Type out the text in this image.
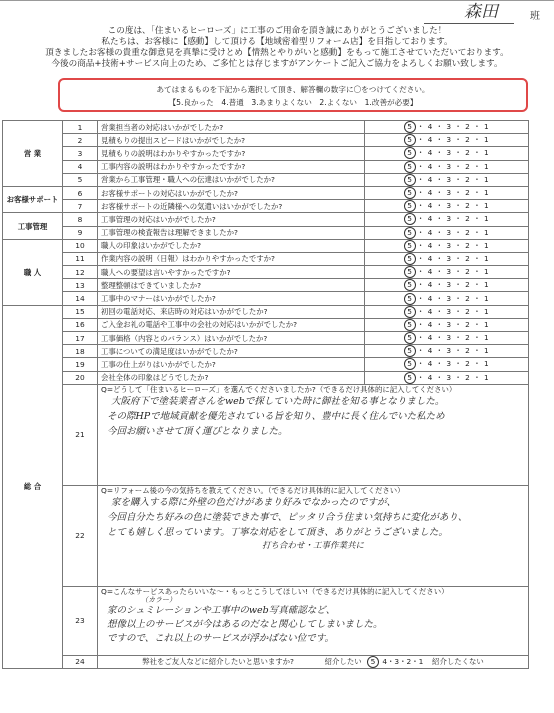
森田	班
この度は、「住まいるヒーローズ」に工事のご用命を頂き誠にありがとうございました！
私たちは、お客様に【感動】して頂ける【地域密着型リフォーム店】を目指しております。
頂きましたお客様の貴重な御意見を真摯に受けとめ【情熱とやりがいと感動】をもって施工させていただいております。
今後の商品+技術+サービス向上のため、ご多忙とは存じますがアンケートご記入ご協力をよろしくお願い致します。
あてはまるものを下記から選択して頂き、解答欄の数字に〇をつけてください。
【5.良かった　4.普通　3.あまりよくない　2.よくない　1.改善が必要】
営 業	1	営業担当者の対応はいかがでしたか?	5 ・ 4 ・ 3 ・ 2 ・ 1
	2	見積もりの提出スピードはいかがでしたか?	5 ・ 4 ・ 3 ・ 2 ・ 1
	3	見積もりの説明はわかりやすかったですか?	5 ・ 4 ・ 3 ・ 2 ・ 1
	4	工事内容の説明はわかりやすかったですか?	5 ・ 4 ・ 3 ・ 2 ・ 1
	5	営業から工事管理・職人への伝達はいかがでしたか?	5 ・ 4 ・ 3 ・ 2 ・ 1
お客様サポート	6	お客様サポートの対応はいかがでしたか?	5 ・ 4 ・ 3 ・ 2 ・ 1
	7	お客様サポートの近隣様への気遣いはいかがでしたか?	5 ・ 4 ・ 3 ・ 2 ・ 1
工事管理	8	工事管理の対応はいかがでしたか?	5 ・ 4 ・ 3 ・ 2 ・ 1
	9	工事管理の検査報告は理解できましたか?	5 ・ 4 ・ 3 ・ 2 ・ 1
職 人	10	職人の印象はいかがでしたか?	5 ・ 4 ・ 3 ・ 2 ・ 1
	11	作業内容の説明（日報）はわかりやすかったですか?	5 ・ 4 ・ 3 ・ 2 ・ 1
	12	職人への要望は言いやすかったですか?	5 ・ 4 ・ 3 ・ 2 ・ 1
	13	整理整頓はできていましたか?	5 ・ 4 ・ 3 ・ 2 ・ 1
	14	工事中のマナーはいかがでしたか?	5 ・ 4 ・ 3 ・ 2 ・ 1
総 合	15	初回の電話対応、来店時の対応はいかがでしたか?	5 ・ 4 ・ 3 ・ 2 ・ 1
	16	ご入金お礼の電話や工事中の会社の対応はいかがでしたか?	5 ・ 4 ・ 3 ・ 2 ・ 1
	17	工事価格（内容とのバランス）はいかがでしたか?	5 ・ 4 ・ 3 ・ 2 ・ 1
	18	工事についての満足度はいかがでしたか?	5 ・ 4 ・ 3 ・ 2 ・ 1
	19	工事の仕上がりはいかがでしたか?	5 ・ 4 ・ 3 ・ 2 ・ 1
	20	会社全体の印象はどうでしたか?	5 ・ 4 ・ 3 ・ 2 ・ 1
	21	Q=どうして「住まいるヒーローズ」を選んでくださいましたか?（できるだけ具体的に記入してください）
大阪府下で塗装業者さんをwebで探していた時に御社を知る事となりました。
その際HPで地域貢献を優先されている旨を知り、豊中に長く住んでいた私ため
今回お願いさせて頂く運びとなりました。	

	22	Q=リフォーム後の今の気持ちを教えてください。（できるだけ具体的に記入してください）
家を購入する際に外壁の色だけがあまり好みでなかったのですが、
今回自分たち好みの色に塗装できた事で、ピッタリ合う住まい気持ちに変化があり、
とても嬉しく思っています。丁寧な対応をして頂き、ありがとうございました。
打ち合わせ・工事作業共に	

	23	Q=こんなサービスあったらいいな～・もっとこうしてほしい!（できるだけ具体的に記入してください）
（カラー）
家のシュミレーションや工事中のweb写真確認など、
想像以上のサービスが今はあるのだなと関心してしまいました。
ですので、これ以上のサービスが浮かばない位です。	

	24	弊社をご友人などに紹介したいと思いますか? 紹介したい 5 4・3・2・1 紹介したくない	
